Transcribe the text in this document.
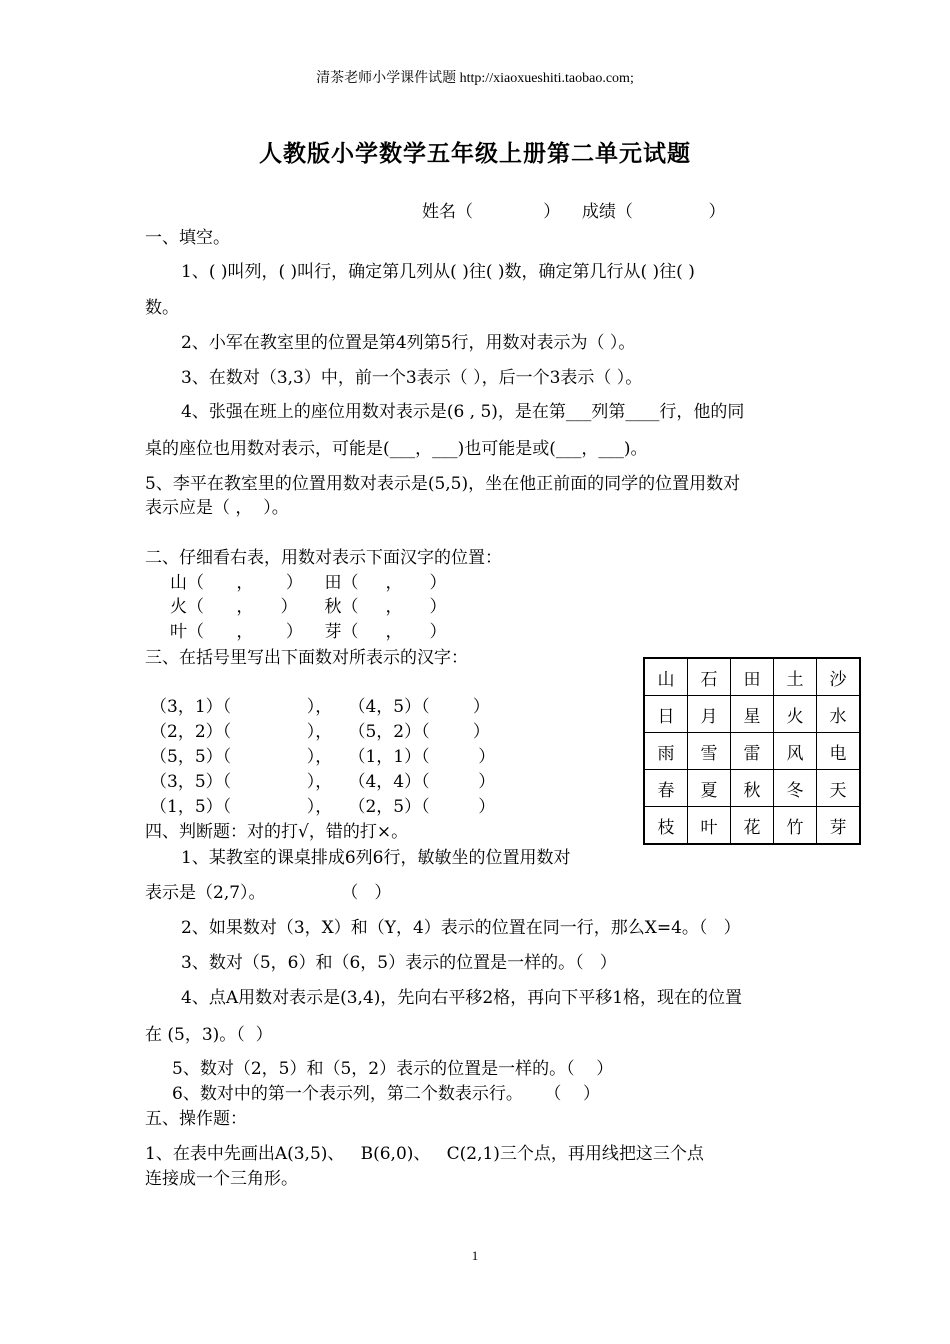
清茶老师小学课件试题 http://xiaoxueshiti.taobao.com;
人教版小学数学五年级上册第二单元试题
姓名（             ）    成绩（              ）
一、填空。
1、( )叫列，( )叫行，确定第几列从( )往( )数，确定第几行从( )往( )
数。
2、小军在教室里的位置是第4列第5行，用数对表示为（ ）。
3、在数对（3,3）中，前一个3表示（ ），后一个3表示（ ）。
4、张强在班上的座位用数对表示是(6 , 5)，是在第___列第____行，他的同
桌的座位也用数对表示，可能是(___，___)也可能是或(___，___)。
5、李平在教室里的位置用数对表示是(5,5)，坐在他正前面的同学的位置用数对
表示应是（ ，  ）。
二、仔细看右表，用数对表示下面汉字的位置：
山（      ，      ）    田（     ，     ）
火（      ，     ）     秋（     ，     ）
叶（      ，      ）    芽（     ，     ）
三、在括号里写出下面数对所表示的汉字：
（3，1）（              ），   （4，5）（        ）
（2，2）（              ），   （5，2）（        ）
（5，5）（              ），   （1，1）（         ）
（3，5）（              ），   （4，4）（         ）
（1，5）（              ），   （2，5）（         ）
山	石	田	土	沙
日	月	星	火	水
雨	雪	雷	风	电
春	夏	秋	冬	天
枝	叶	花	竹	芽
四、判断题：对的打√，错的打×。
1、某教室的课桌排成6列6行，敏敏坐的位置用数对
表示是（2,7）。              （   ）
2、如果数对（3，X）和（Y，4）表示的位置在同一行，那么X=4。（   ）
3、数对（5，6）和（6，5）表示的位置是一样的。（   ）
4、点A用数对表示是(3,4)，先向右平移2格，再向下平移1格，现在的位置
在 (5，3)。（  ）
5、数对（2，5）和（5，2）表示的位置是一样的。（    ）
6、数对中的第一个表示列，第二个数表示行。    （    ）
五、操作题：
1、在表中先画出A(3,5)、   B(6,0)、   C(2,1)三个点，再用线把这三个点
连接成一个三角形。
1
